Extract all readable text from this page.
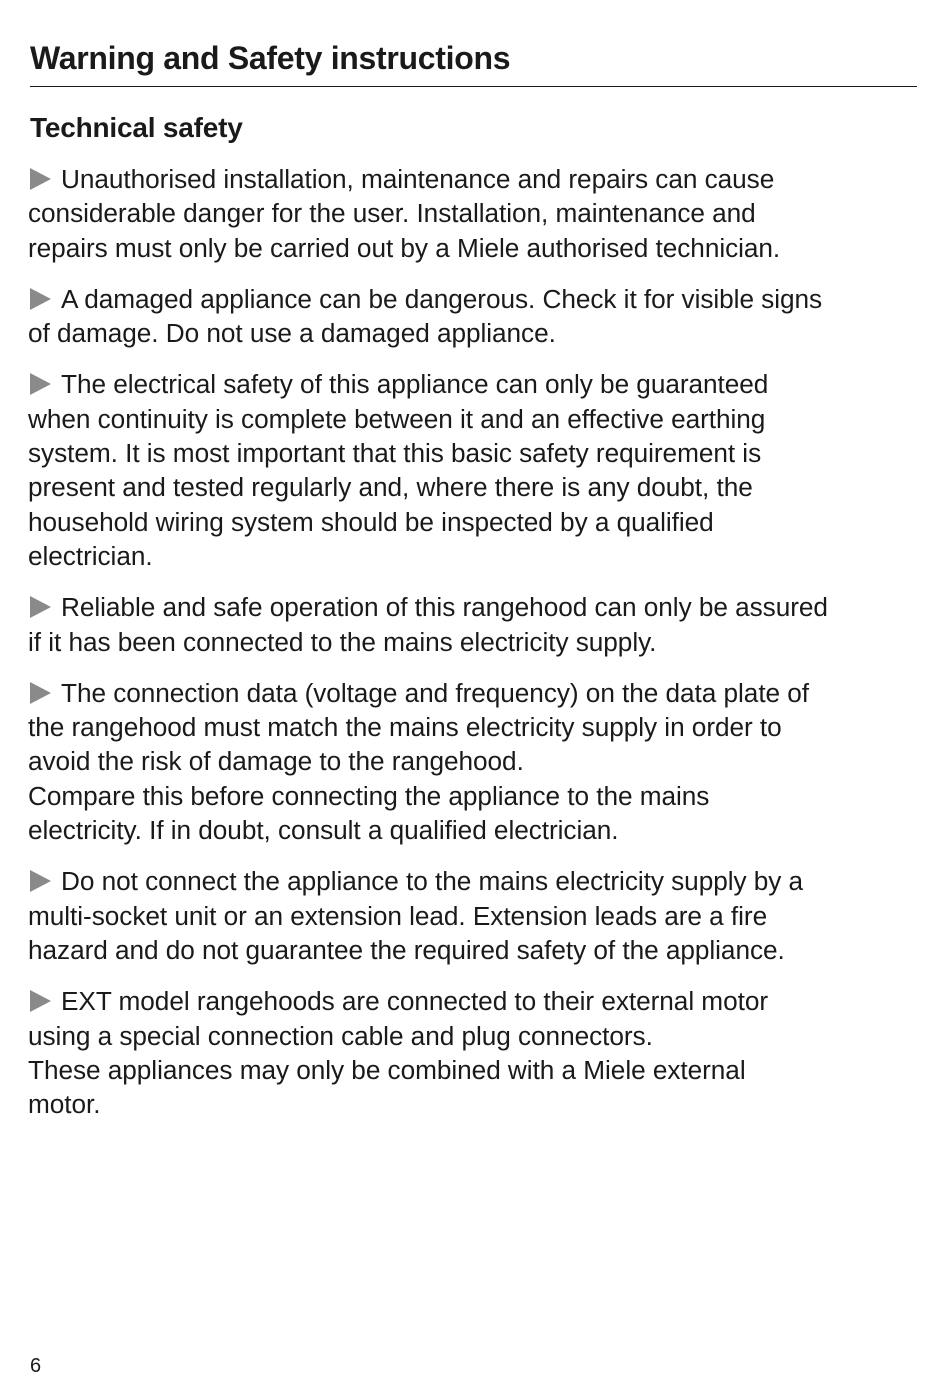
Warning and Safety instructions
Technical safety
Unauthorised installation, maintenance and repairs can cause
considerable danger for the user. Installation, maintenance and
repairs must only be carried out by a Miele authorised technician.
A damaged appliance can be dangerous. Check it for visible signs
of damage. Do not use a damaged appliance.
The electrical safety of this appliance can only be guaranteed
when continuity is complete between it and an effective earthing
system. It is most important that this basic safety requirement is
present and tested regularly and, where there is any doubt, the
household wiring system should be inspected by a qualified
electrician.
Reliable and safe operation of this rangehood can only be assured
if it has been connected to the mains electricity supply.
The connection data (voltage and frequency) on the data plate of
the rangehood must match the mains electricity supply in order to
avoid the risk of damage to the rangehood.
Compare this before connecting the appliance to the mains
electricity. If in doubt, consult a qualified electrician.
Do not connect the appliance to the mains electricity supply by a
multi-socket unit or an extension lead. Extension leads are a fire
hazard and do not guarantee the required safety of the appliance.
EXT model rangehoods are connected to their external motor
using a special connection cable and plug connectors.
These appliances may only be combined with a Miele external
motor.
6
